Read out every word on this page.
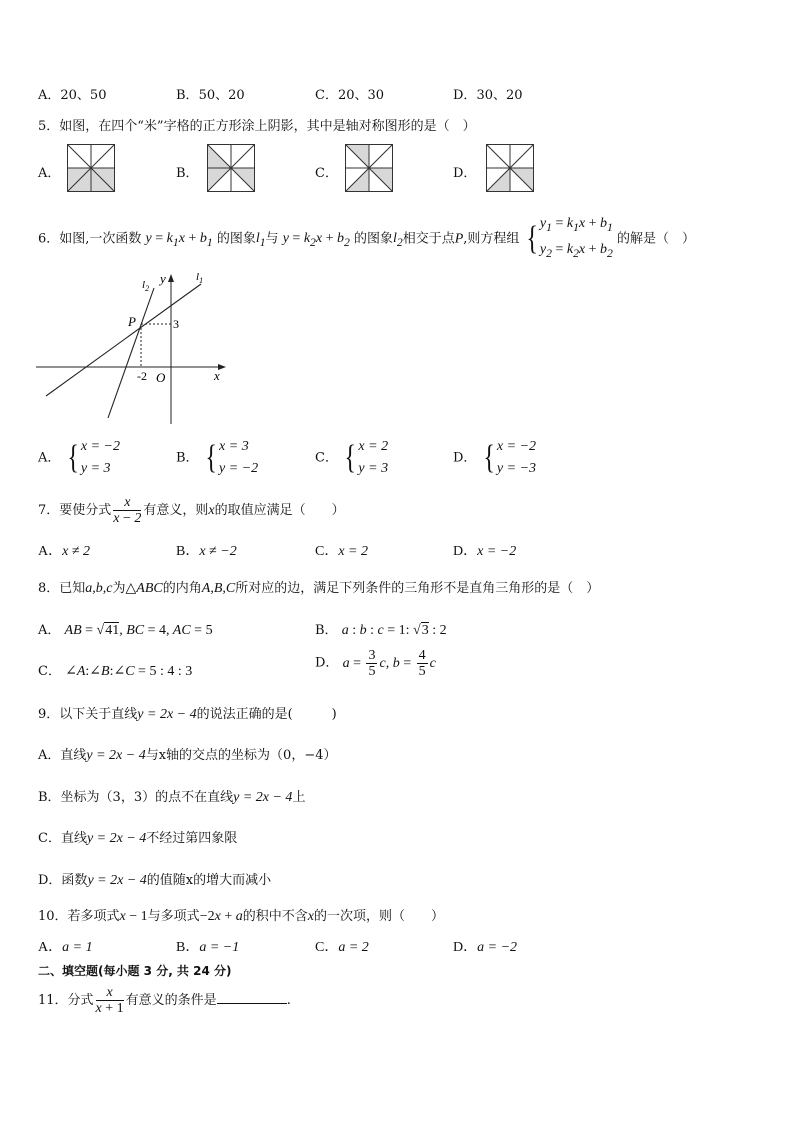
A．20、50	B．50、20	C．20、30	D．30、20
5．如图，在四个“米”字格的正方形涂上阴影，其中是轴对称图形的是（　）
A．	B．	C．	D．
6．如图,一次函数 $y = k_1x + b_1$ 的图象$l_1$与 $y = k_2x + b_2$ 的图象$l_2$相交于点P,则方程组 { $y_1 = k_1x + b_1$
$y_2 = k_2x + b_2$
的解是（　）
$l_2$
y	$l_1$
P	3
-2 O	x
A． { x = −2
y = 3
B． { x = 3
y = −2
C． { x = 2
y = 3
D． { x = −2
y = −3
7．要使分式 $\frac{x}{x - 2}$ 有意义，则x的取值应满足（　　）
A．x ≠ 2	B．x ≠ −2	C．x = 2	D．x = −2
8．已知a,b,c为△ABC的内角A,B,C所对应的边，满足下列条件的三角形不是直角三角形的是（　）
A． AB = √41, BC = 4, AC = 5	B． a : b : c = 1: √3 : 2
C． ∠A:∠B:∠C = 5 : 4 : 3
D． $a = \frac{3}{5} c$, $b = \frac{4}{5}$ c
9．以下关于直线y = 2x − 4的说法正确的是(　　　)
A．直线y = 2x − 4与x轴的交点的坐标为（0，−4）
B．坐标为（3，3）的点不在直线y = 2x − 4上
C．直线y = 2x − 4不经过第四象限
D．函数y = 2x − 4的值随x的增大而减小
10．若多项式x − 1与多项式−2x + a的积中不含x的一次项，则（　　）
A．a = 1	B．a = −1	C．a = 2	D．a = −2
二、填空题(每小题 3 分, 共 24 分)
11．分式 $\frac{x}{x + 1}$ 有意义的条件是	.
